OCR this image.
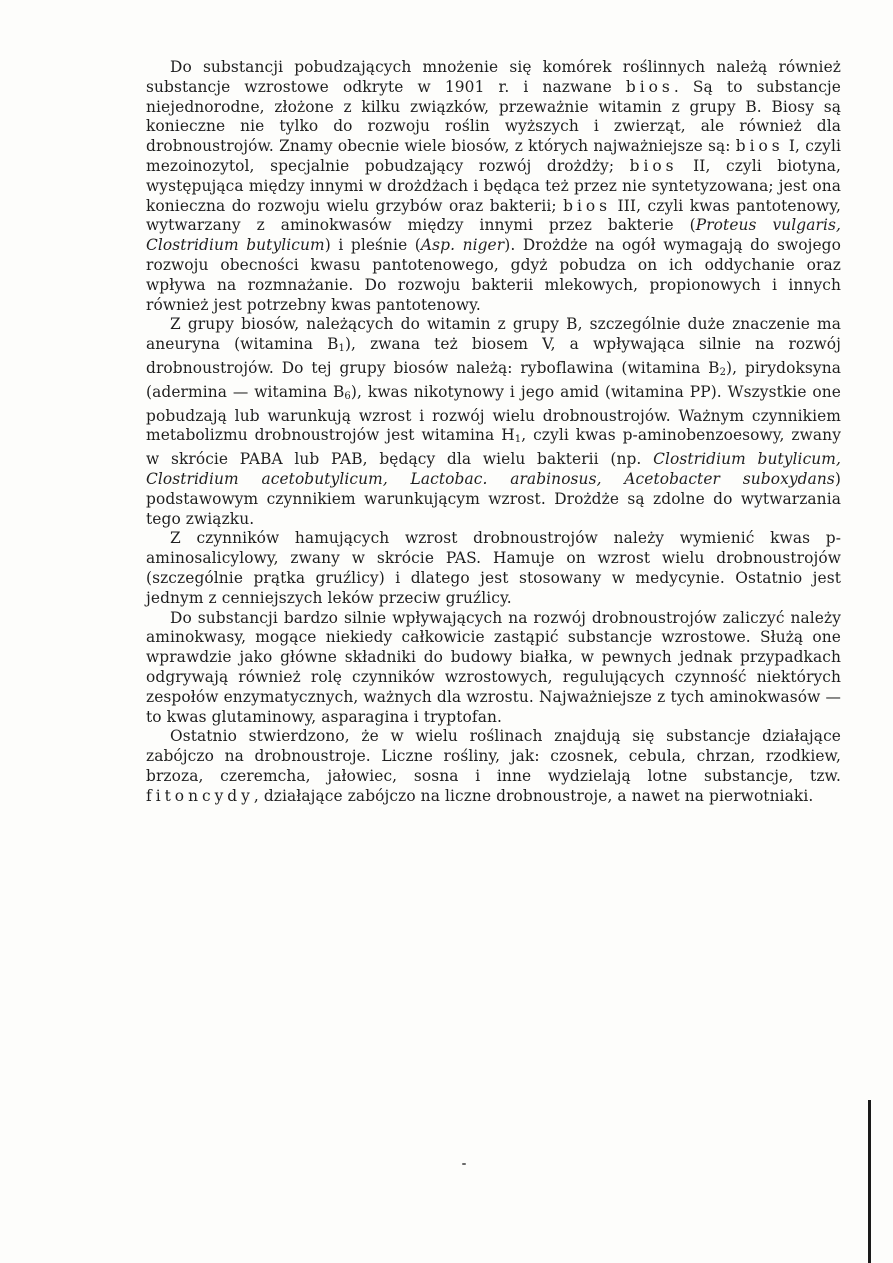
Do substancji pobudzających mnożenie się komórek roślinnych należą również substancje wzrostowe odkryte w 1901 r. i nazwane bios. Są to substancje niejednorodne, złożone z kilku związków, przeważnie witamin z grupy B. Biosy są konieczne nie tylko do rozwoju roślin wyższych i zwierząt, ale również dla drobnoustrojów. Znamy obecnie wiele biosów, z których najważniejsze są: bios I, czyli mezoinozytol, specjalnie pobudzający rozwój drożdży; bios II, czyli biotyna, występująca między innymi w drożdżach i będąca też przez nie syntetyzowana; jest ona konieczna do rozwoju wielu grzybów oraz bakterii; bios III, czyli kwas pantotenowy, wytwarzany z aminokwasów między innymi przez bakterie (Proteus vulgaris, Clostridium butylicum) i pleśnie (Asp. niger). Drożdże na ogół wymagają do swojego rozwoju obecności kwasu pantotenowego, gdyż pobudza on ich oddychanie oraz wpływa na rozmnażanie. Do rozwoju bakterii mlekowych, propionowych i innych również jest potrzebny kwas pantotenowy.

Z grupy biosów, należących do witamin z grupy B, szczególnie duże znaczenie ma aneuryna (witamina $B_1$), zwana też biosem V, a wpływająca silnie na rozwój drobnoustrojów. Do tej grupy biosów należą: ryboflawina (witamina $B_2$), pirydoksyna (adermina — witamina $B_6$), kwas nikotynowy i jego amid (witamina PP). Wszystkie one pobudzają lub warunkują wzrost i rozwój wielu drobnoustrojów. Ważnym czynnikiem metabolizmu drobnoustrojów jest witamina $H_1$, czyli kwas p-aminobenzoesowy, zwany w skrócie PABA lub PAB, będący dla wielu bakterii (np. Clostridium butylicum, Clostridium acetobutylicum, Lactobac. arabinosus, Acetobacter suboxydans) podstawowym czynnikiem warunkującym wzrost. Drożdże są zdolne do wytwarzania tego związku.

Z czynników hamujących wzrost drobnoustrojów należy wymienić kwas p-aminosalicylowy, zwany w skrócie PAS. Hamuje on wzrost wielu drobnoustrojów (szczególnie prątka gruźlicy) i dlatego jest stosowany w medycynie. Ostatnio jest jednym z cenniejszych leków przeciw gruźlicy.

Do substancji bardzo silnie wpływających na rozwój drobnoustrojów zaliczyć należy aminokwasy, mogące niekiedy całkowicie zastąpić substancje wzrostowe. Służą one wprawdzie jako główne składniki do budowy białka, w pewnych jednak przypadkach odgrywają również rolę czynników wzrostowych, regulujących czynność niektórych zespołów enzymatycznych, ważnych dla wzrostu. Najważniejsze z tych aminokwasów — to kwas glutaminowy, asparagina i tryptofan.

Ostatnio stwierdzono, że w wielu roślinach znajdują się substancje działające zabójczo na drobnoustroje. Liczne rośliny, jak: czosnek, cebula, chrzan, rzodkiew, brzoza, czeremcha, jałowiec, sosna i inne wydzielają lotne substancje, tzw. fitoncydy, działające zabójczo na liczne drobnoustroje, a nawet na pierwotniaki.
